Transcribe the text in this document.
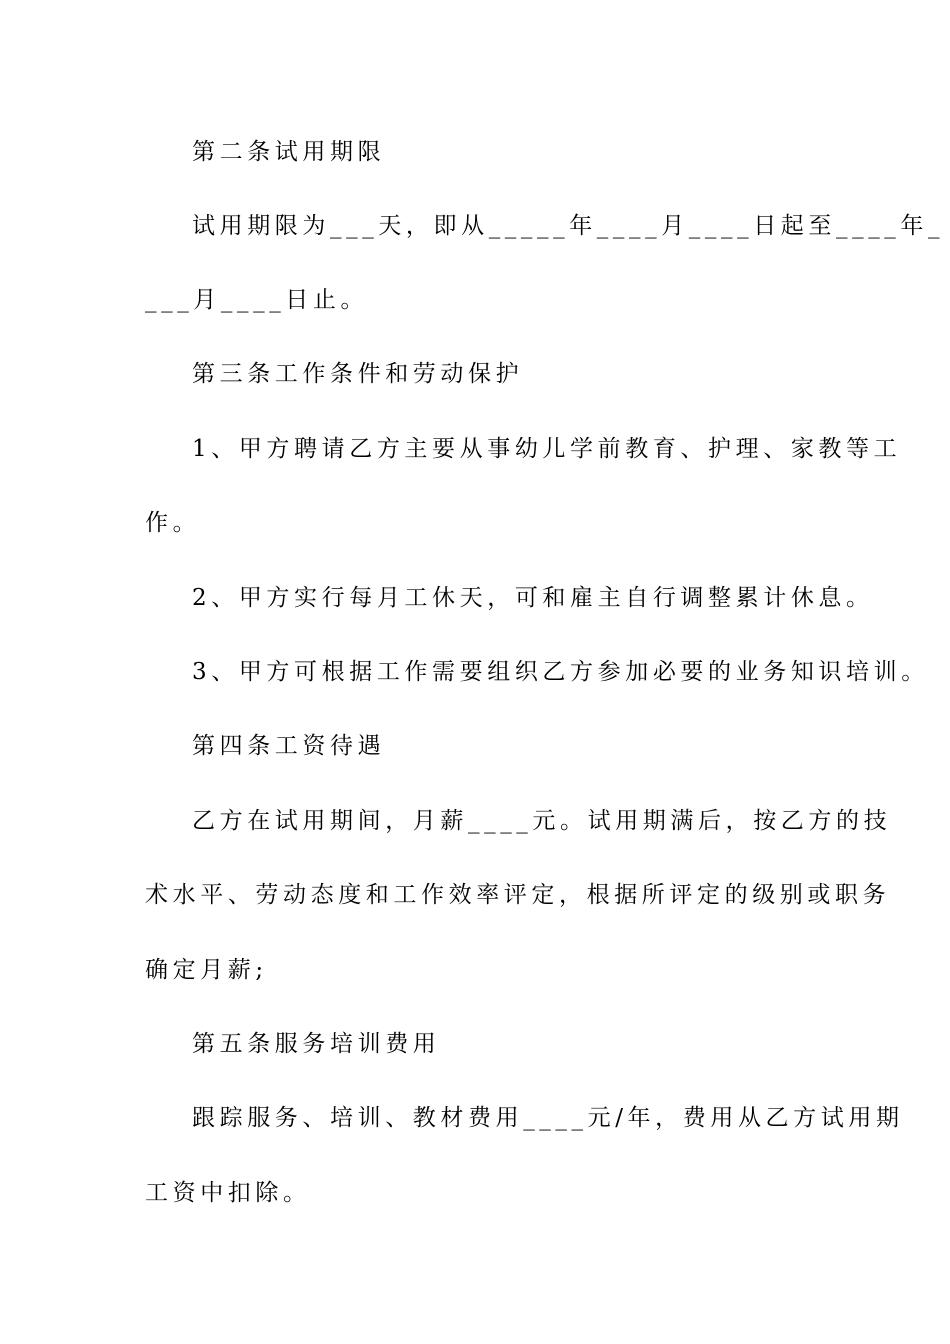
第二条试用期限
试用期限为___天，即从_____年____月____日起至____年_
___月____日止。
第三条工作条件和劳动保护
1、甲方聘请乙方主要从事幼儿学前教育、护理、家教等工
作。
2、甲方实行每月工休天，可和雇主自行调整累计休息。
3、甲方可根据工作需要组织乙方参加必要的业务知识培训。
第四条工资待遇
乙方在试用期间，月薪____元。试用期满后，按乙方的技
术水平、劳动态度和工作效率评定，根据所评定的级别或职务
确定月薪;
第五条服务培训费用
跟踪服务、培训、教材费用____元/年，费用从乙方试用期
工资中扣除。
